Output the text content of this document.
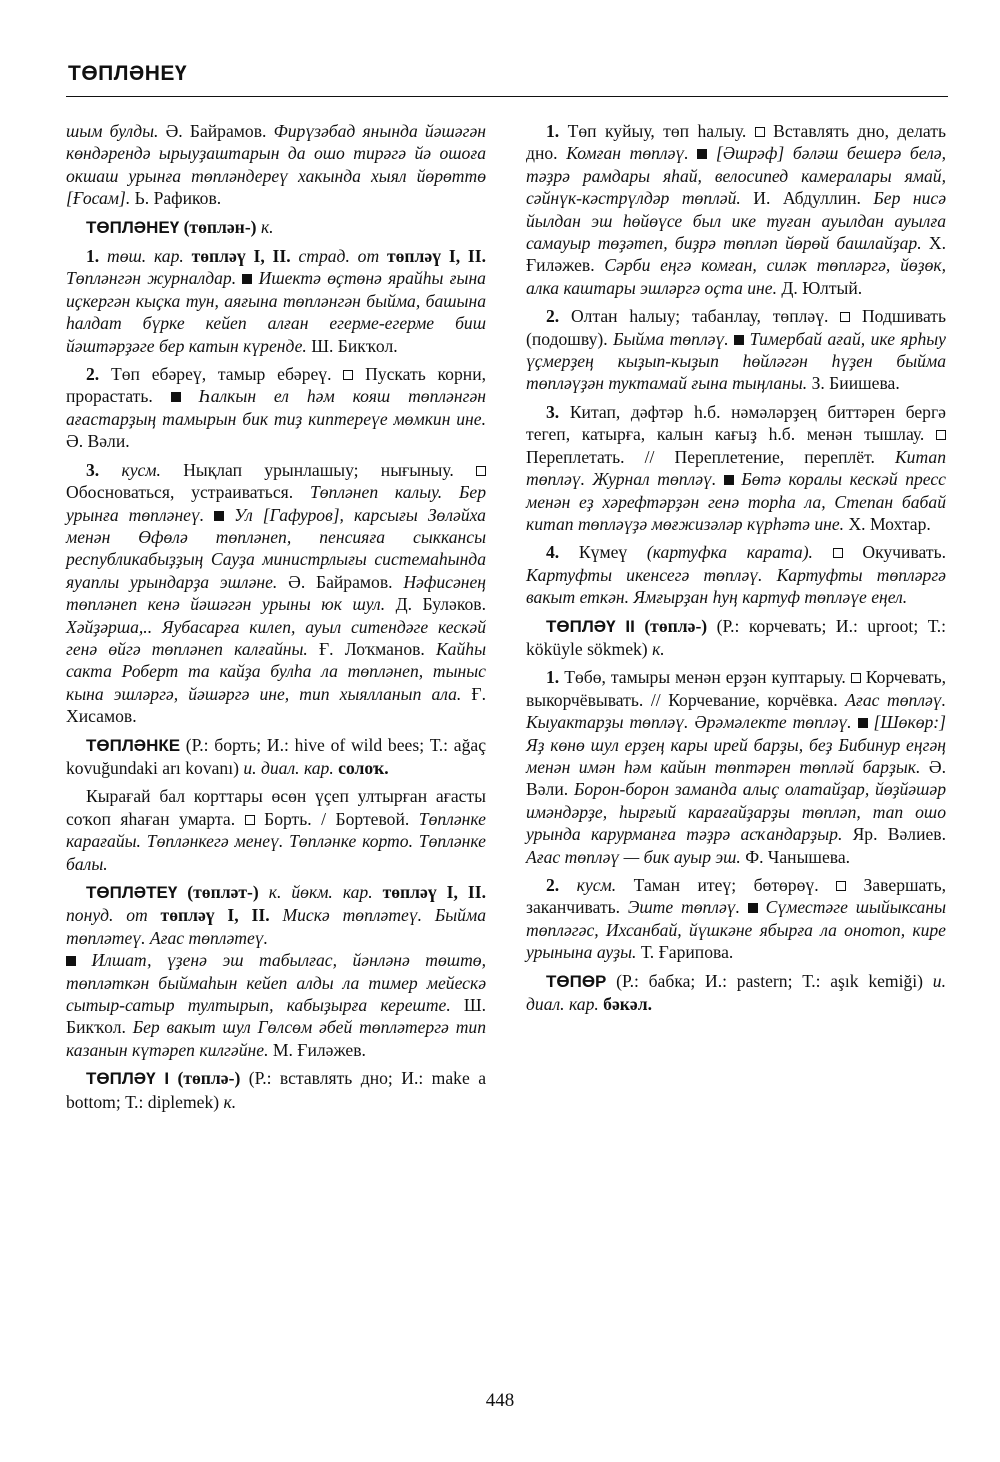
ТӨПЛӘНЕҮ

шым булды. Ә. Байрамов. Фирүзәбад янында йәшәгән көндәрендә ырыуҙаштарын да ошо тирәгә йә ошоға окшаш урынға төпләндереү хакында хыял йөрөттө [Ғосам]. Ь. Рафиков.

ТӨПЛӘНЕҮ (төплән-) к.

1. төш. кар. төпләү I, II. страд. от төпләү I, II. Төпләнгән журналдар.  Ишектә өҫтөнә ярайһы ғына иҫкергән кыҫка тун, аяғына төпләнгән быйма, башына һалдат бүрке кейеп алған егерме-егерме биш йәштәрҙәге бер катын күренде. Ш. Бикҡол.

2. Төп ебәреү, тамыр ебәреү.  Пускать корни, прорастать.  Һалкын ел һәм кояш төпләнгән ағастарҙың тамырын бик тиҙ киптереүе мөмкин ине. Ә. Вәли.

3. кусм. Нықлап урынлашыу; нығыныу.  Обосноваться, устраиваться. Төпләнеп калыу. Бер урынға төпләнеү.  Ул [Гафуров], карсығы Зөләйха менән Өфөлә төпләнеп, пенсияға сыккансы республикабыҙҙың Сауҙа министрлығы системаһында яуаплы урындарҙа эшләне. Ә. Байрамов. Нәфисәнең төпләнеп кенә йәшәгән урыны юк шул. Д. Буләков. Хәйҙәрша,.. Яубасарға килеп, ауыл ситендәге кескәй генә өйгә төпләнеп калғайны. Ғ. Лоҡманов. Кайһы сакта Роберт та кайҙа булһа ла төпләнеп, тыныс кына эшләргә, йәшәргә ине, тип хыялланып ала. Ғ. Хисамов.

ТӨПЛӘНКЕ (Р.: борть; И.: hive of wild bees; Т.: ağaç kovuğundaki arı kovanı) и. диал. кар. солоҡ.

Кырағай бал корттары өсөн үҫеп ултырған ағасты соҡоп яһаған умарта.  Борть. / Бортевой. Төпләнке карағайы. Төпләнкегә менеү. Төпләнке корто. Төпләнке балы.

ТӨПЛӘТЕҮ (төпләт-) к. йөкм. кар. төпләү I, II. понуд. от төпләү I, II. Мискә төпләтеү. Быйма төпләтеү. Ағас төпләтеү.
Илшат, үҙенә эш табылғас, йәнләнә төштө, төпләткән быймаһын кейеп алды ла тимер мейескә сытыр-сатыр тултырып, кабыҙырға кереште. Ш. Бикҡол. Бер вакыт шул Гөлсөм әбей төпләтергә тип казанын күтәреп килгәйне. М. Ғиләжев.

ТӨПЛӘҮ I (төплә-) (Р.: вставлять дно; И.: make a bottom; Т.: diplemek) к.

1. Төп куйыу, төп һалыу.  Вставлять дно, делать дно. Комған төпләү.  [Әшрәф] бәләш бешерә белә, тәҙрә рамдары яһай, велосипед камералары ямай, сәйнүк-кәстрүлдәр төпләй. И. Абдуллин. Бер нисә йылдан эш һөйөүсе был ике туған ауылдан ауылға самауыр төҙәтеп, биҙрә төпләп йөрөй башлайҙар. Х. Ғиләжев. Сәрби еңгә комған, силәк төпләргә, йөҙөк, алка каштары эшләргә оҫта ине. Д. Юлтый.

2. Олтан һалыу; табанлау, төпләү.  Подшивать (подошву). Быйма төпләү.  Тимербай ағай, ике ярһыу үҫмерҙең кыҙып-кыҙып һөйләгән һүҙен быйма төпләүҙән туктамай ғына тыңланы. З. Биишева.

3. Китап, дәфтәр һ.б. нәмәләрҙең биттәрен бергә тегеп, катырға, калын кағыҙ һ.б. менән тышлау.  Переплетать. // Переплетение, переплёт. Китап төпләү. Журнал төпләү.  Бөтә коралы кескәй пресс менән еҙ хәрефтәрҙән генә торһа ла, Степан бабай китап төпләүҙә мөғжизәләр күрһәтә ине. Х. Мохтар.

4. Күмеү (картуфка карата).  Окучивать. Картуфты икенсегә төпләү. Картуфты төпләргә вакыт еткән. Ямғырҙан һуң картуф төпләүе еңел.

ТӨПЛӘҮ II (төплә-) (Р.: корчевать; И.: uproot; Т.: köküyle sökmek) к.

1. Төбө, тамыры менән ерҙән куптарыу.  Корчевать, выкорчёвывать. // Корчевание, корчёвка. Ағас төпләү. Кыуактарҙы төпләү. Әрәмәлекте төпләү.  [Шөкөр:] Яҙ көнө шул ерҙең кары ирей барҙы, беҙ Бибинур еңгәң менән имән һәм кайын төптәрен төпләй барҙык. Ә. Вәли. Борон-борон заманда алыҫ олатайҙар, йөҙйәшәр имәндәрҙе, һырғый карағайҙарҙы төпләп, тап ошо урында карурманға тәҙрә асҡандарҙыр. Яр. Вәлиев. Ағас төпләү — бик ауыр эш. Ф. Чанышева.

2. кусм. Таман итеү; бөтөрөү.  Завершать, заканчивать. Эште төпләү.  Сүместәге шыйыксаны төпләгәс, Ихсанбай, йүшкәне ябырға ла онотоп, кире урынына ауҙы. Т. Ғарипова.

ТӨПӨР (Р.: бабка; И.: pastern; Т.: aşık kemiği) и. диал. кар. бәкәл.

448
